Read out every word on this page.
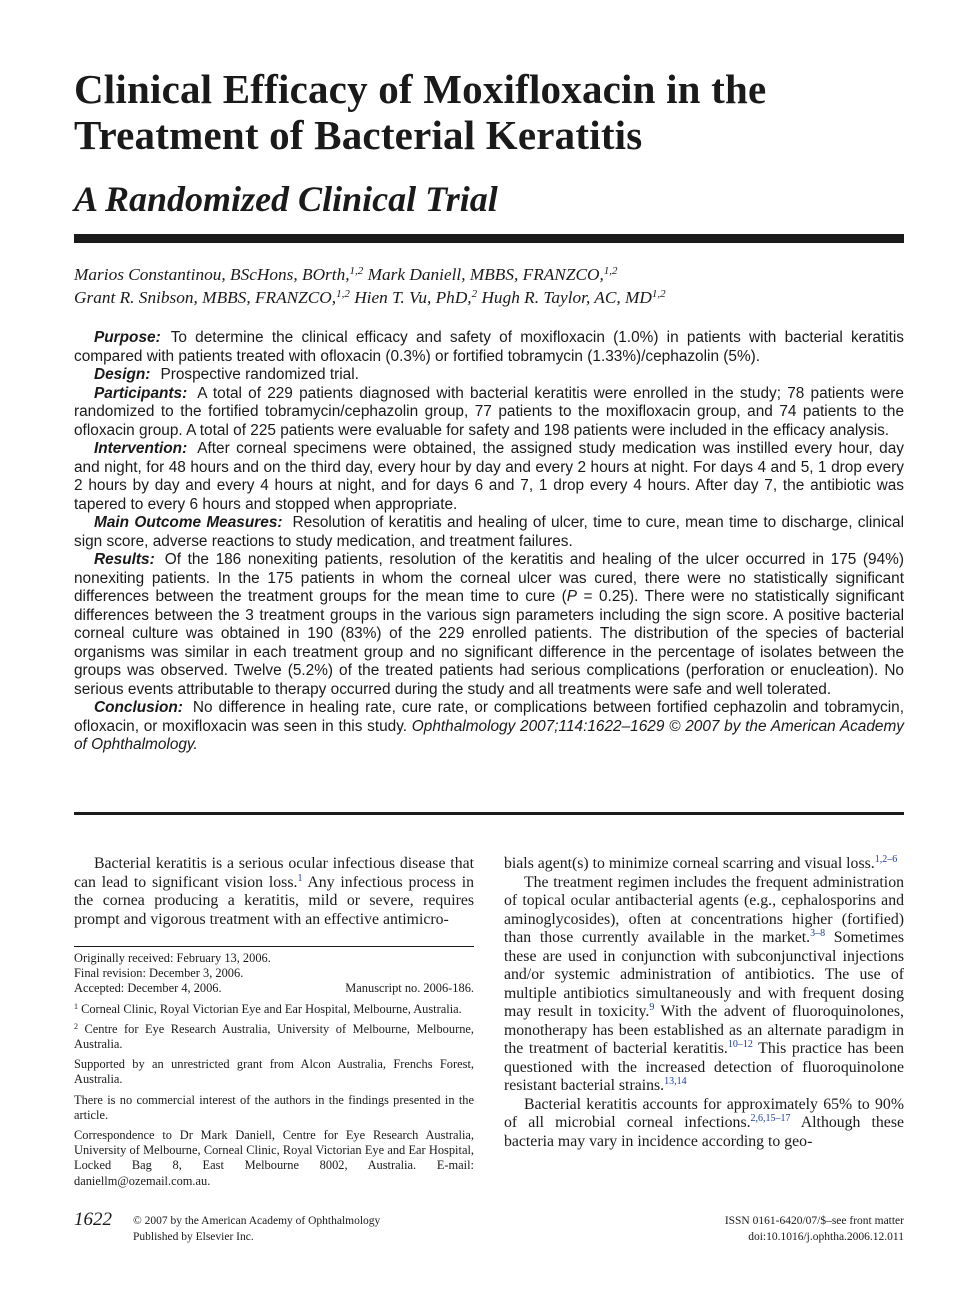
Clinical Efficacy of Moxifloxacin in the Treatment of Bacterial Keratitis
A Randomized Clinical Trial
Marios Constantinou, BScHons, BOrth,$^{1,2}$ Mark Daniell, MBBS, FRANZCO,$^{1,2}$
Grant R. Snibson, MBBS, FRANZCO,$^{1,2}$ Hien T. Vu, PhD,$^2$ Hugh R. Taylor, AC, MD$^{1,2}$

Purpose: To determine the clinical efficacy and safety of moxifloxacin (1.0%) in patients with bacterial keratitis compared with patients treated with ofloxacin (0.3%) or fortified tobramycin (1.33%)/cephazolin (5%).

Design: Prospective randomized trial.

Participants: A total of 229 patients diagnosed with bacterial keratitis were enrolled in the study; 78 patients were randomized to the fortified tobramycin/cephazolin group, 77 patients to the moxifloxacin group, and 74 patients to the ofloxacin group. A total of 225 patients were evaluable for safety and 198 patients were included in the efficacy analysis.

Intervention: After corneal specimens were obtained, the assigned study medication was instilled every hour, day and night, for 48 hours and on the third day, every hour by day and every 2 hours at night. For days 4 and 5, 1 drop every 2 hours by day and every 4 hours at night, and for days 6 and 7, 1 drop every 4 hours. After day 7, the antibiotic was tapered to every 6 hours and stopped when appropriate.

Main Outcome Measures: Resolution of keratitis and healing of ulcer, time to cure, mean time to discharge, clinical sign score, adverse reactions to study medication, and treatment failures.

Results: Of the 186 nonexiting patients, resolution of the keratitis and healing of the ulcer occurred in 175 (94%) nonexiting patients. In the 175 patients in whom the corneal ulcer was cured, there were no statistically significant differences between the treatment groups for the mean time to cure (P = 0.25). There were no statistically significant differences between the 3 treatment groups in the various sign parameters including the sign score. A positive bacterial corneal culture was obtained in 190 (83%) of the 229 enrolled patients. The distribution of the species of bacterial organisms was similar in each treatment group and no significant difference in the percentage of isolates between the groups was observed. Twelve (5.2%) of the treated patients had serious complications (perforation or enucleation). No serious events attributable to therapy occurred during the study and all treatments were safe and well tolerated.

Conclusion: No difference in healing rate, cure rate, or complications between fortified cephazolin and tobramycin, ofloxacin, or moxifloxacin was seen in this study. Ophthalmology 2007;114:1622–1629 © 2007 by the American Academy of Ophthalmology.

Bacterial keratitis is a serious ocular infectious disease that can lead to significant vision loss.$^1$ Any infectious process in the cornea producing a keratitis, mild or severe, requires prompt and vigorous treatment with an effective antimicro-

Originally received: February 13, 2006.

Final revision: December 3, 2006.

Accepted: December 4, 2006.	Manuscript no. 2006-186.

$^1$ Corneal Clinic, Royal Victorian Eye and Ear Hospital, Melbourne, Australia.

$^2$ Centre for Eye Research Australia, University of Melbourne, Melbourne, Australia.

Supported by an unrestricted grant from Alcon Australia, Frenchs Forest, Australia.

There is no commercial interest of the authors in the findings presented in the article.

Correspondence to Dr Mark Daniell, Centre for Eye Research Australia, University of Melbourne, Corneal Clinic, Royal Victorian Eye and Ear Hospital, Locked Bag 8, East Melbourne 8002, Australia. E-mail: daniellm@ozemail.com.au.

bials agent(s) to minimize corneal scarring and visual loss.$^{1,2-6}$

The treatment regimen includes the frequent administration of topical ocular antibacterial agents (e.g., cephalosporins and aminoglycosides), often at concentrations higher (fortified) than those currently available in the market.$^{3-8}$ Sometimes these are used in conjunction with subconjunctival injections and/or systemic administration of antibiotics. The use of multiple antibiotics simultaneously and with frequent dosing may result in toxicity.$^9$ With the advent of fluoroquinolones, monotherapy has been established as an alternate paradigm in the treatment of bacterial keratitis.$^{10-12}$ This practice has been questioned with the increased detection of fluoroquinolone resistant bacterial strains.$^{13,14}$

Bacterial keratitis accounts for approximately 65% to 90% of all microbial corneal infections.$^{2,6,15-17}$ Although these bacteria may vary in incidence according to geo-

1622 © 2007 by the American Academy of Ophthalmology
Published by Elsevier Inc.
ISSN 0161-6420/07/$–see front matter
doi:10.1016/j.ophtha.2006.12.011
